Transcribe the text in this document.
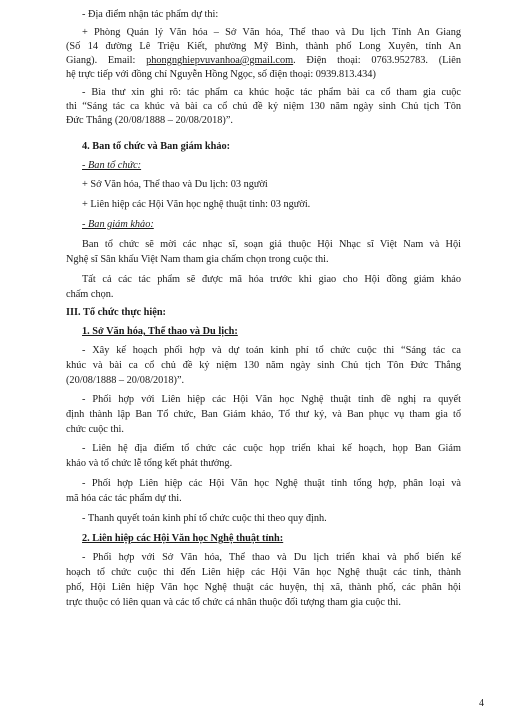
- Địa điểm nhận tác phẩm dự thi:

+ Phòng Quản lý Văn hóa – Sở Văn hóa, Thể thao và Du lịch Tỉnh An Giang

(Số 14 đường Lê Triệu Kiết, phường Mỹ Bình, thành phố Long Xuyên, tỉnh An

Giang). Email: phongnghiepvuvanhoa@gmail.com. Điện thoại: 0763.952783. (Liên

hệ trực tiếp với đồng chí Nguyễn Hồng Ngọc, số điện thoại: 0939.813.434)

- Bìa thư xin ghi rõ: tác phẩm ca khúc hoặc tác phẩm bài ca cổ tham gia cuộc

thi “Sáng tác ca khúc và bài ca cổ chủ đề kỷ niệm 130 năm ngày sinh Chủ tịch Tôn

Đức Thắng (20/08/1888 – 20/08/2018)”.

4. Ban tổ chức và Ban giám khảo:

- Ban tổ chức:

+ Sở Văn hóa, Thể thao và Du lịch: 03 người

+ Liên hiệp các Hội Văn học nghệ thuật tỉnh: 03 người.

- Ban giám khảo:

Ban tổ chức sẽ mời các nhạc sĩ, soạn giả thuộc Hội Nhạc sĩ Việt Nam và Hội

Nghệ sĩ Sân khấu Việt Nam tham gia chấm chọn trong cuộc thi.

Tất cả các tác phẩm sẽ được mã hóa trước khi giao cho Hội đồng giám khảo

chấm chọn.

III. Tổ chức thực hiện:

1. Sở Văn hóa, Thể thao và Du lịch:

- Xây kế hoạch phối hợp và dự toán kinh phí tổ chức cuộc thi “Sáng tác ca

khúc và bài ca cổ chủ đề kỷ niệm 130 năm ngày sinh Chủ tịch Tôn Đức Thắng

(20/08/1888 – 20/08/2018)”.

- Phối hợp với Liên hiệp các Hội Văn học Nghệ thuật tỉnh đề nghị ra quyết

định thành lập Ban Tổ chức, Ban Giám khảo, Tổ thư ký, và Ban phục vụ tham gia tổ

chức cuộc thi.

- Liên hệ địa điểm tổ chức các cuộc họp triển khai kế hoạch, họp Ban Giám

khảo và tổ chức lễ tổng kết phát thưởng.

- Phối hợp Liên hiệp các Hội Văn học Nghệ thuật tỉnh tổng hợp, phân loại và

mã hóa các tác phẩm dự thi.

- Thanh quyết toán kinh phí tổ chức cuộc thi theo quy định.

2. Liên hiệp các Hội Văn học Nghệ thuật tỉnh:

- Phối hợp với Sở Văn hóa, Thể thao và Du lịch triển khai và phổ biến kế

hoạch tổ chức cuộc thi đến Liên hiệp các Hội Văn học Nghệ thuật các tỉnh, thành

phố, Hội Liên hiệp Văn học Nghệ thuật các huyện, thị xã, thành phố, các phân hội

trực thuộc có liên quan và các tổ chức cá nhân thuộc đối tượng tham gia cuộc thi.

4
